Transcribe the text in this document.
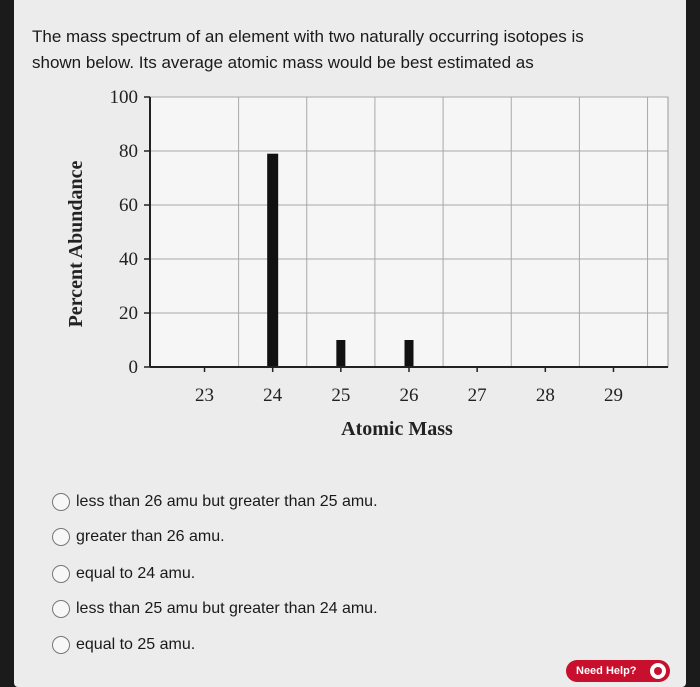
The mass spectrum of an element with two naturally occurring isotopes is
shown below. Its average atomic mass would be best estimated as
0
20
40
60
80
100
23	24	25	26	27	28	29
Atomic Mass
Percent Abundance
less than 26 amu but greater than 25 amu.
greater than 26 amu.
equal to 24 amu.
less than 25 amu but greater than 24 amu.
equal to 25 amu.
Need Help?
